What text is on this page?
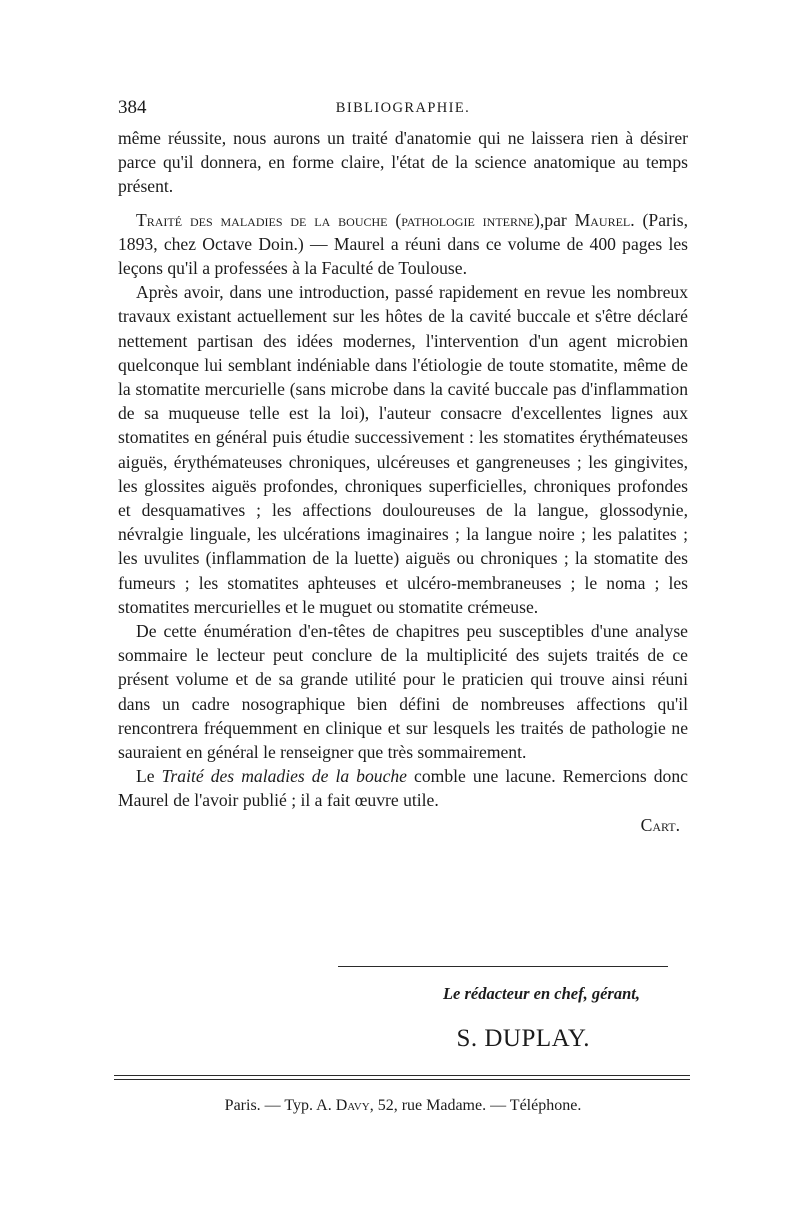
384	BIBLIOGRAPHIE.

même réussite, nous aurons un traité d'anatomie qui ne laissera rien à désirer parce qu'il donnera, en forme claire, l'état de la science anatomique au temps présent.

Traité des maladies de la bouche (pathologie interne),par Maurel. (Paris, 1893, chez Octave Doin.) — Maurel a réuni dans ce volume de 400 pages les leçons qu'il a professées à la Faculté de Toulouse.

Après avoir, dans une introduction, passé rapidement en revue les nombreux travaux existant actuellement sur les hôtes de la cavité buccale et s'être déclaré nettement partisan des idées modernes, l'intervention d'un agent microbien quelconque lui semblant indéniable dans l'étiologie de toute stomatite, même de la stomatite mercurielle (sans microbe dans la cavité buccale pas d'inflammation de sa muqueuse telle est la loi), l'auteur consacre d'excellentes lignes aux stomatites en général puis étudie successivement : les stomatites érythémateuses aiguës, érythémateuses chroniques, ulcéreuses et gangreneuses ; les gingivites, les glossites aiguës profondes, chroniques superficielles, chroniques profondes et desquamatives ; les affections douloureuses de la langue, glossodynie, névralgie linguale, les ulcérations imaginaires ; la langue noire ; les palatites ; les uvulites (inflammation de la luette) aiguës ou chroniques ; la stomatite des fumeurs ; les stomatites aphteuses et ulcéro-membraneuses ; le noma ; les stomatites mercurielles et le muguet ou stomatite crémeuse.

De cette énumération d'en-têtes de chapitres peu susceptibles d'une analyse sommaire le lecteur peut conclure de la multiplicité des sujets traités de ce présent volume et de sa grande utilité pour le praticien qui trouve ainsi réuni dans un cadre nosographique bien défini de nombreuses affections qu'il rencontrera fréquemment en clinique et sur lesquels les traités de pathologie ne sauraient en général le renseigner que très sommairement.

Le Traité des maladies de la bouche comble une lacune. Remercions donc Maurel de l'avoir publié ; il a fait œuvre utile.

Cart.

Le rédacteur en chef, gérant,
S. DUPLAY.
Paris. — Typ. A. Davy, 52, rue Madame. — Téléphone.
